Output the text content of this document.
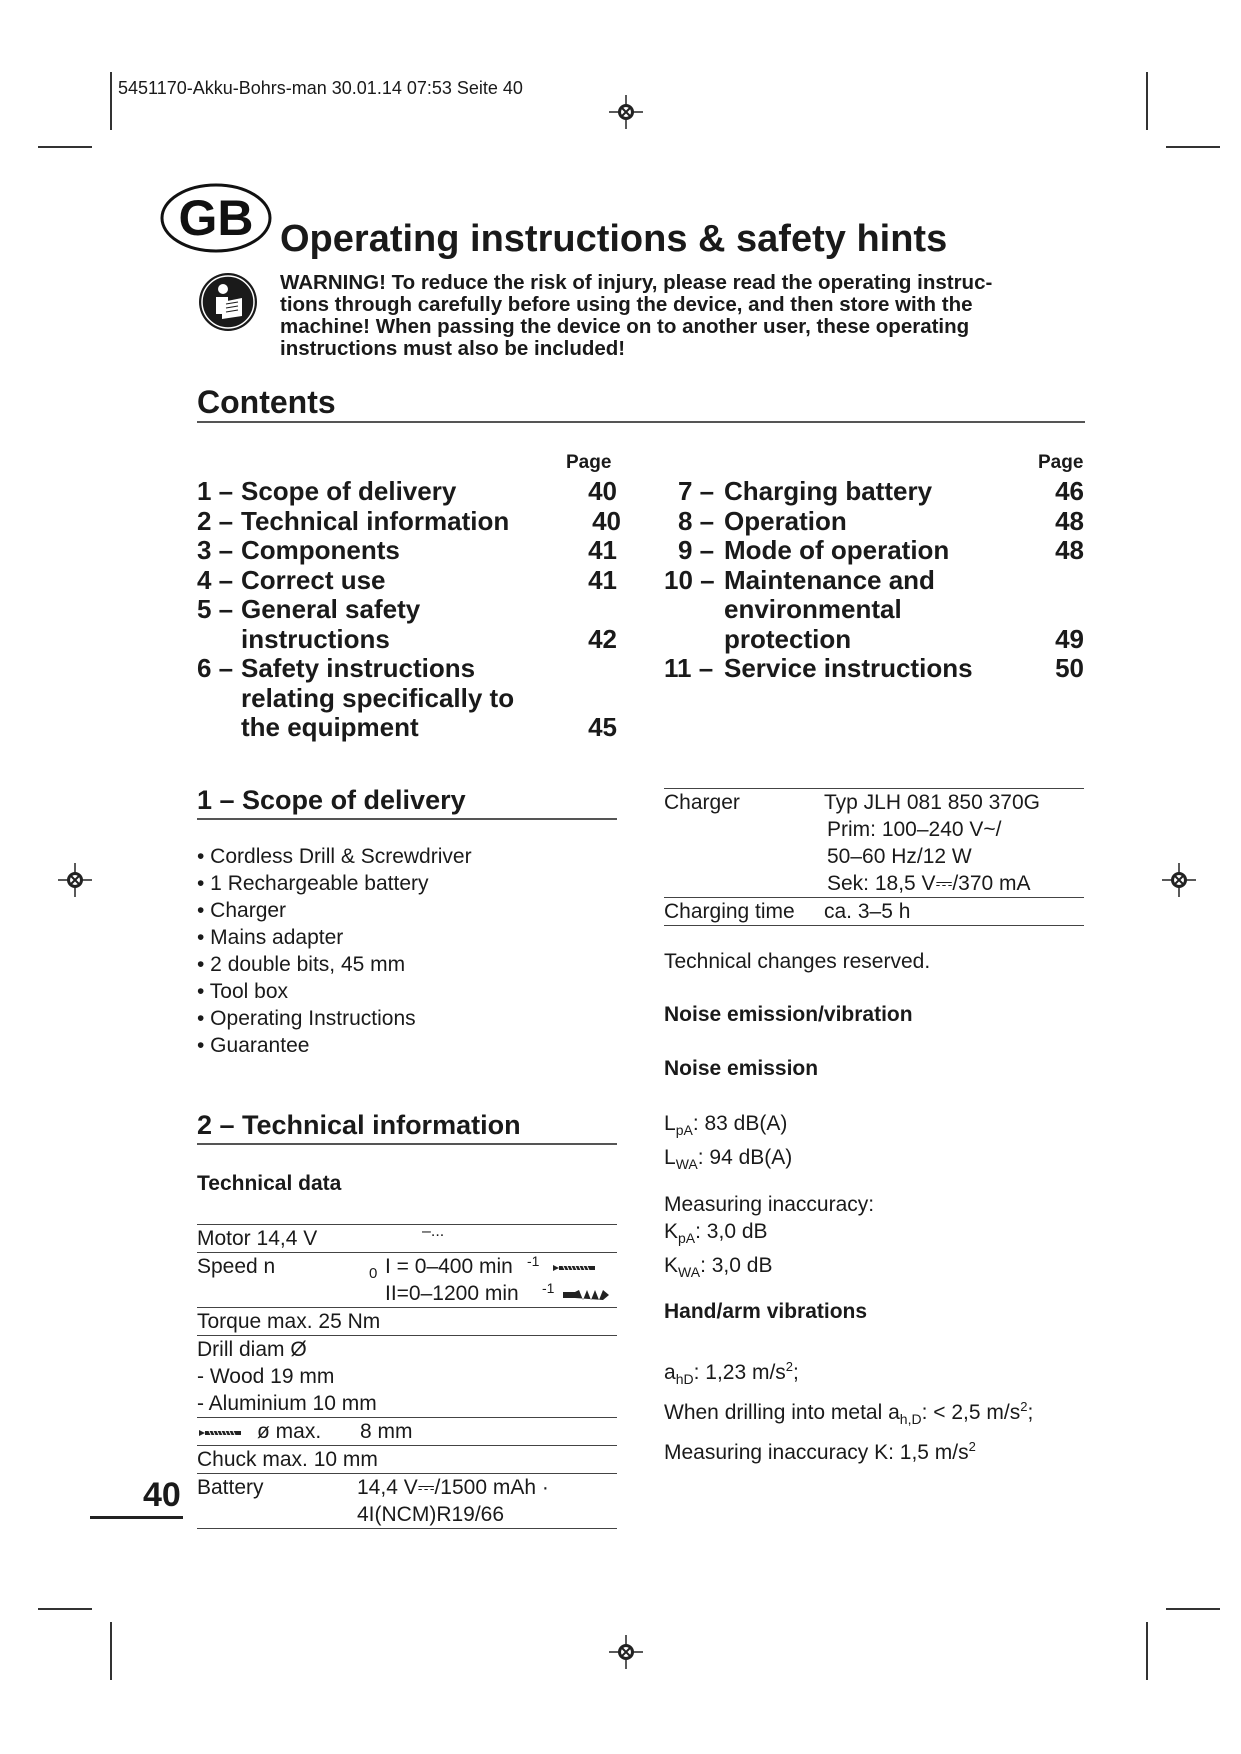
5451170-Akku-Bohrs-man 30.01.14 07:53 Seite 40
GB Operating instructions & safety hints
WARNING! To reduce the risk of injury, please read the operating instruc-
tions through carefully before using the device, and then store with the
machine! When passing the device on to another user, these operating
instructions must also be included!
Contents
Page	Page
1 – Scope of delivery	40
2 – Technical information	40
3 – Components	41
4 – Correct use	41
5 – General safety
instructions	42
6 – Safety instructions
relating specifically to
the equipment	45
7 – Charging battery	46
8 – Operation	48
9 – Mode of operation	48
10 – Maintenance and
environmental
protection	49
11 – Service instructions	50
1 – Scope of delivery
• Cordless Drill & Screwdriver
• 1 Rechargeable battery
• Charger
• Mains adapter
• 2 double bits, 45 mm
• Tool box
• Operating Instructions
• Guarantee
2 – Technical information
Technical data
Motor 14,4 V	–...
Speed n	0 I = 0–400 min -1
II=0–1200 min -1
Torque max. 25 Nm
Drill diam Ø
- Wood 19 mm
- Aluminium 10 mm
ø max. 8 mm
Chuck max. 10 mm
Battery	14,4 V⎓/1500 mAh ·
4I(NCM)R19/66
40
Charger	Typ JLH 081 850 370G
Prim: 100–240 V~/
50–60 Hz/12 W
Sek: 18,5 V⎓/370 mA
Charging time ca. 3–5 h
Technical changes reserved.
Noise emission/vibration
Noise emission
$L_{pA}$: 83 dB(A)
$L_{WA}$: 94 dB(A)
Measuring inaccuracy:
$K_{pA}$: 3,0 dB
$K_{WA}$: 3,0 dB
Hand/arm vibrations
$a_{hD}$: 1,23 $m/s^2$;
When drilling into metal $a_{h,D}$: < 2,5 $m/s^2$;
Measuring inaccuracy K: 1,5 $m/s^2$
